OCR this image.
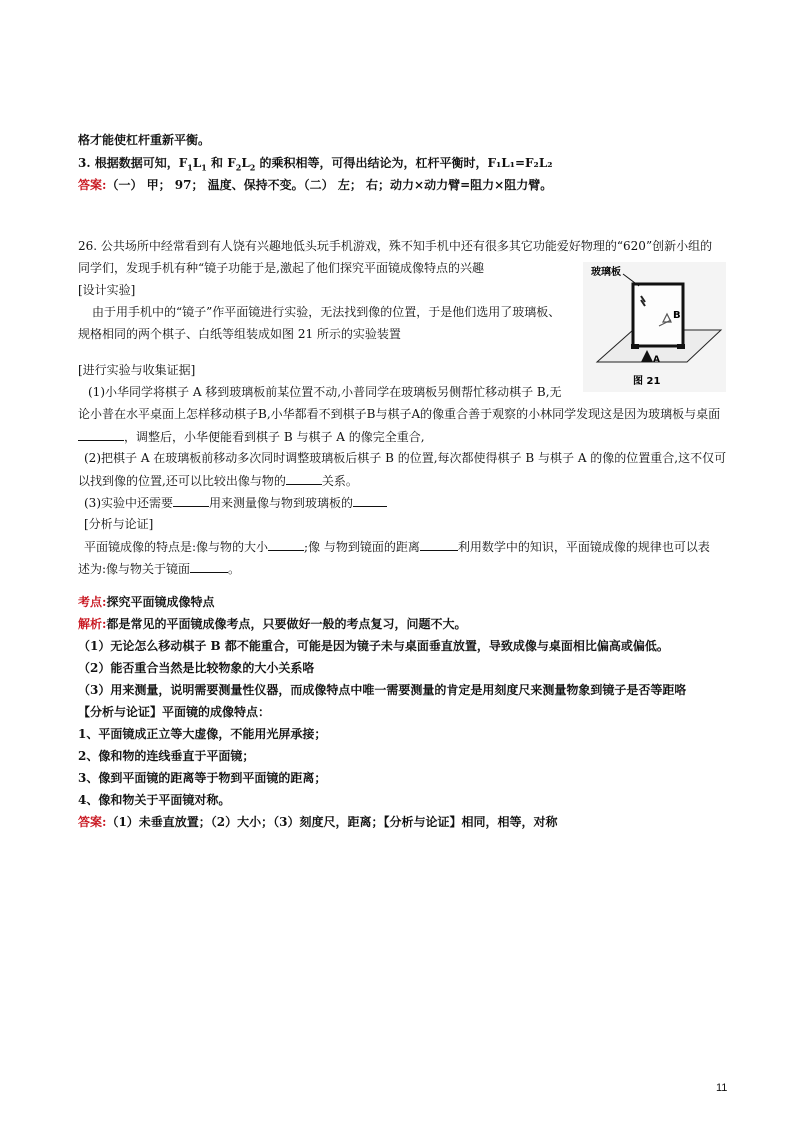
格才能使杠杆重新平衡。
3. 根据数据可知，$F_1L_1$ 和 $F_2L_2$ 的乘积相等，可得出结论为，杠杆平衡时，F₁L₁=F₂L₂
答案:（一） 甲； 97； 温度、保持不变。（二） 左； 右；动力×动力臂=阻力×阻力臂。
26. 公共场所中经常看到有人饶有兴趣地低头玩手机游戏，殊不知手机中还有很多其它功能爱好物理的“620”创新小组的
同学们，发现手机有种“镜子功能于是,激起了他们探究平面镜成像特点的兴趣
[设计实验]
由于用手机中的“镜子”作平面镜进行实验，无法找到像的位置，于是他们选用了玻璃板、
规格相同的两个棋子、白纸等组装成如图 21 所示的实验装置
[进行实验与收集证据]
(1)小华同学将棋子 A 移到玻璃板前某位置不动,小普同学在玻璃板另侧帮忙移动棋子 B,无
论小普在水平桌面上怎样移动棋子B,小华都看不到棋子B与棋子A的像重合善于观察的小林同学发现这是因为玻璃板与桌面
，调整后，小华便能看到棋子 B 与棋子 A 的像完全重合,
(2)把棋子 A 在玻璃板前移动多次同时调整玻璃板后棋子 B 的位置,每次都使得棋子 B 与棋子 A 的像的位置重合,这不仅可
以找到像的位置,还可以比较出像与物的	关系。
(3)实验中还需要	用来测量像与物到玻璃板的
[分析与论证]
平面镜成像的特点是:像与物的大小	;像 与物到镜面的距离	利用数学中的知识，平面镜成像的规律也可以表
述为:像与物关于镜面	。
玻璃板
B
A
图 21
考点:探究平面镜成像特点
解析:都是常见的平面镜成像考点，只要做好一般的考点复习，问题不大。
（1）无论怎么移动棋子 B 都不能重合，可能是因为镜子未与桌面垂直放置，导致成像与桌面相比偏高或偏低。
（2）能否重合当然是比较物象的大小关系咯
（3）用来测量，说明需要测量性仪器，而成像特点中唯一需要测量的肯定是用刻度尺来测量物象到镜子是否等距咯
【分析与论证】平面镜的成像特点：
1、平面镜成正立等大虚像，不能用光屏承接；
2、像和物的连线垂直于平面镜；
3、像到平面镜的距离等于物到平面镜的距离；
4、像和物关于平面镜对称。
答案:（1）未垂直放置；（2）大小；（3）刻度尺，距离；【分析与论证】相同，相等，对称
11
